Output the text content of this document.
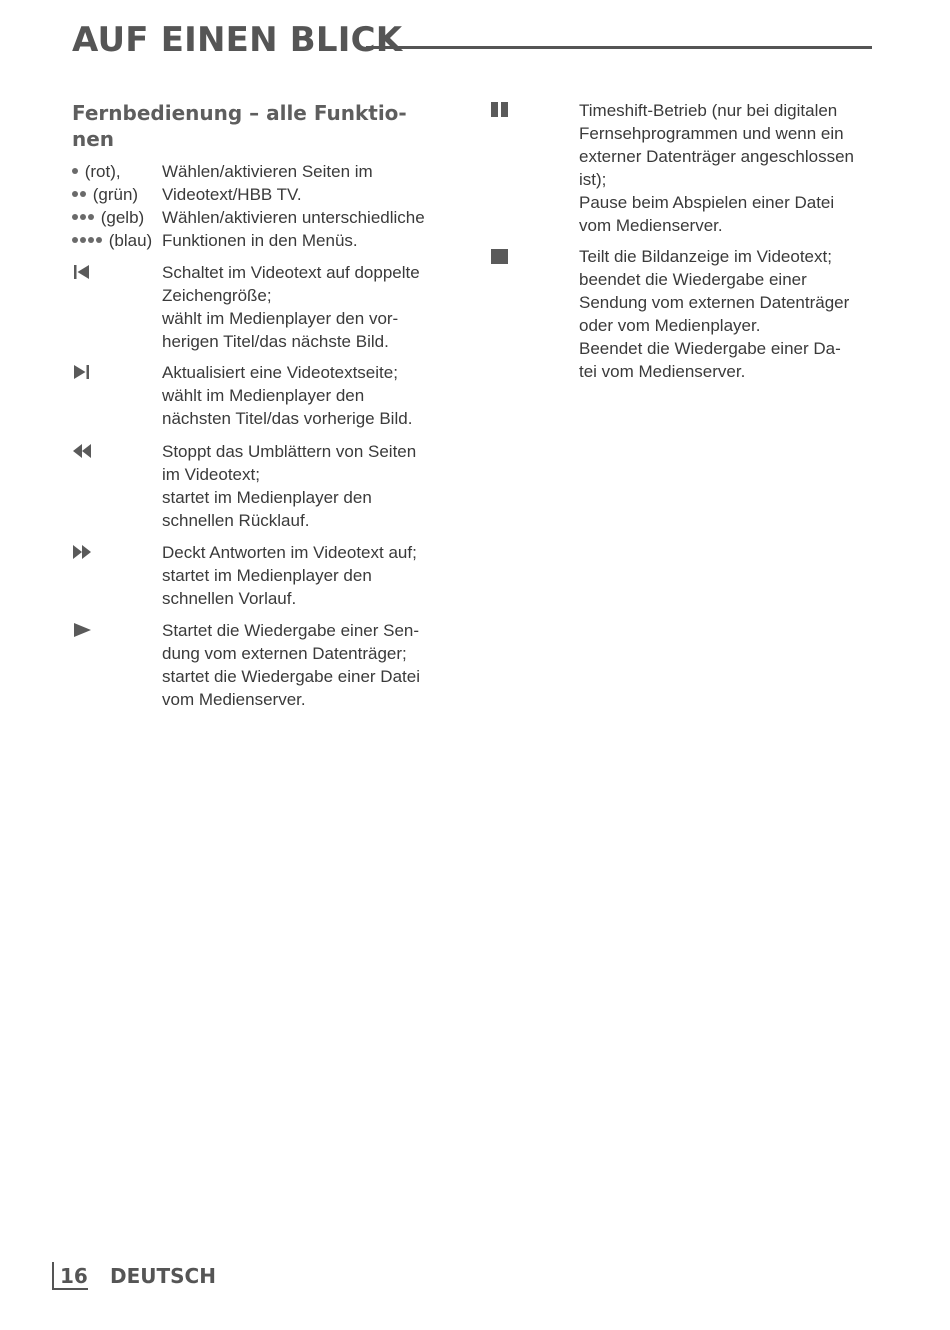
AUF EINEN BLICK
Fernbedienung – alle Funktio-
nen
(rot), Wählen/aktivieren Seiten im
(grün) Videotext/HBB TV.
(gelb) Wählen/aktivieren unterschiedliche
(blau) Funktionen in den Menüs.
Schaltet im Videotext auf doppelte
Zeichengröße;
wählt im Medienplayer den vor-
herigen Titel/das nächste Bild.
Aktualisiert eine Videotextseite;
wählt im Medienplayer den
nächsten Titel/das vorherige Bild.
Stoppt das Umblättern von Seiten
im Videotext;
startet im Medienplayer den
schnellen Rücklauf.
Deckt Antworten im Videotext auf;
startet im Medienplayer den
schnellen Vorlauf.
Startet die Wiedergabe einer Sen-
dung vom externen Datenträger;
startet die Wiedergabe einer Datei
vom Medienserver.
Timeshift-Betrieb (nur bei digitalen
Fernsehprogrammen und wenn ein
externer Datenträger angeschlossen
ist);
Pause beim Abspielen einer Datei
vom Medienserver.
Teilt die Bildanzeige im Videotext;
beendet die Wiedergabe einer
Sendung vom externen Datenträger
oder vom Medienplayer.
Beendet die Wiedergabe einer Da-
tei vom Medienserver.
16 DEUTSCH
